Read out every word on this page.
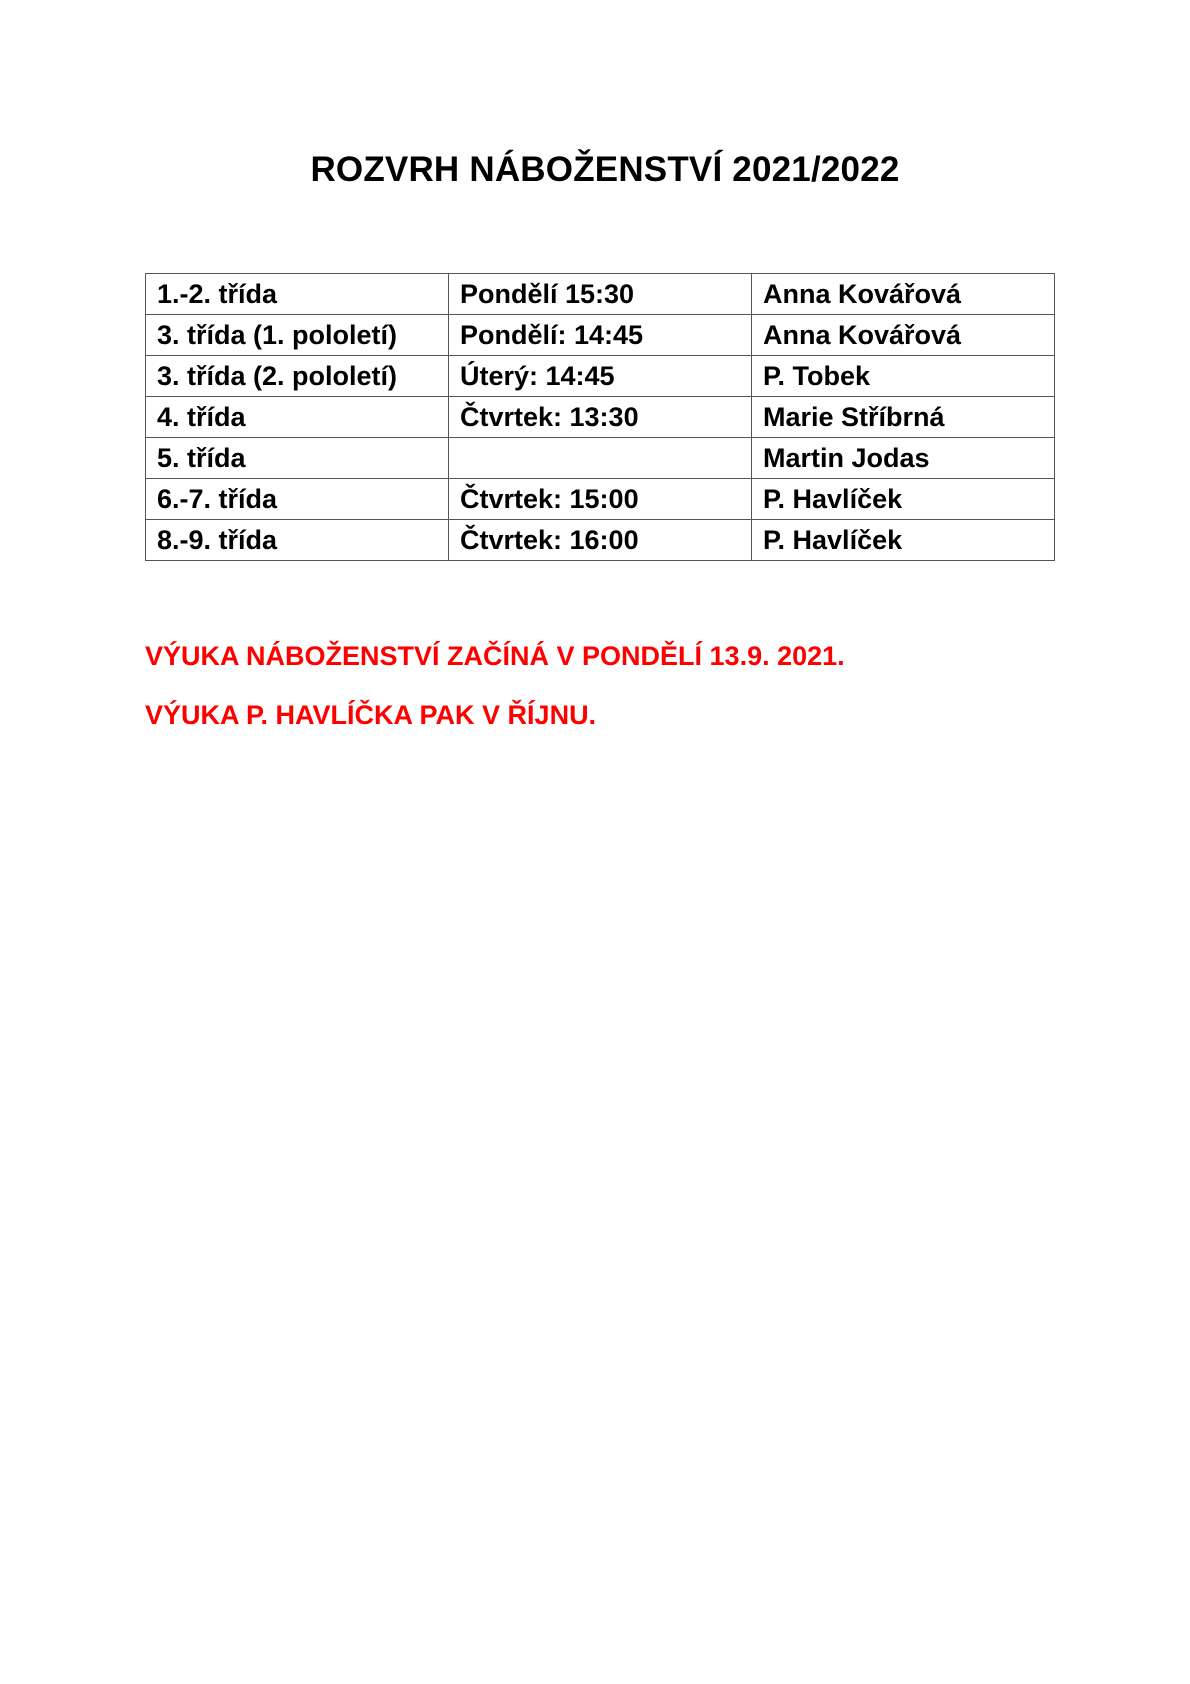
ROZVRH NÁBOŽENSTVÍ 2021/2022
1.-2. třída	Pondělí 15:30	Anna Kovářová
3. třída (1. pololetí)	Pondělí: 14:45	Anna Kovářová
3. třída (2. pololetí)	Úterý: 14:45	P. Tobek
4. třída	Čtvrtek: 13:30	Marie Stříbrná
5. třída		Martin Jodas
6.-7. třída	Čtvrtek: 15:00	P. Havlíček
8.-9. třída	Čtvrtek: 16:00	P. Havlíček

VÝUKA NÁBOŽENSTVÍ ZAČÍNÁ V PONDĚLÍ 13.9. 2021.

VÝUKA P. HAVLÍČKA PAK V ŘÍJNU.
